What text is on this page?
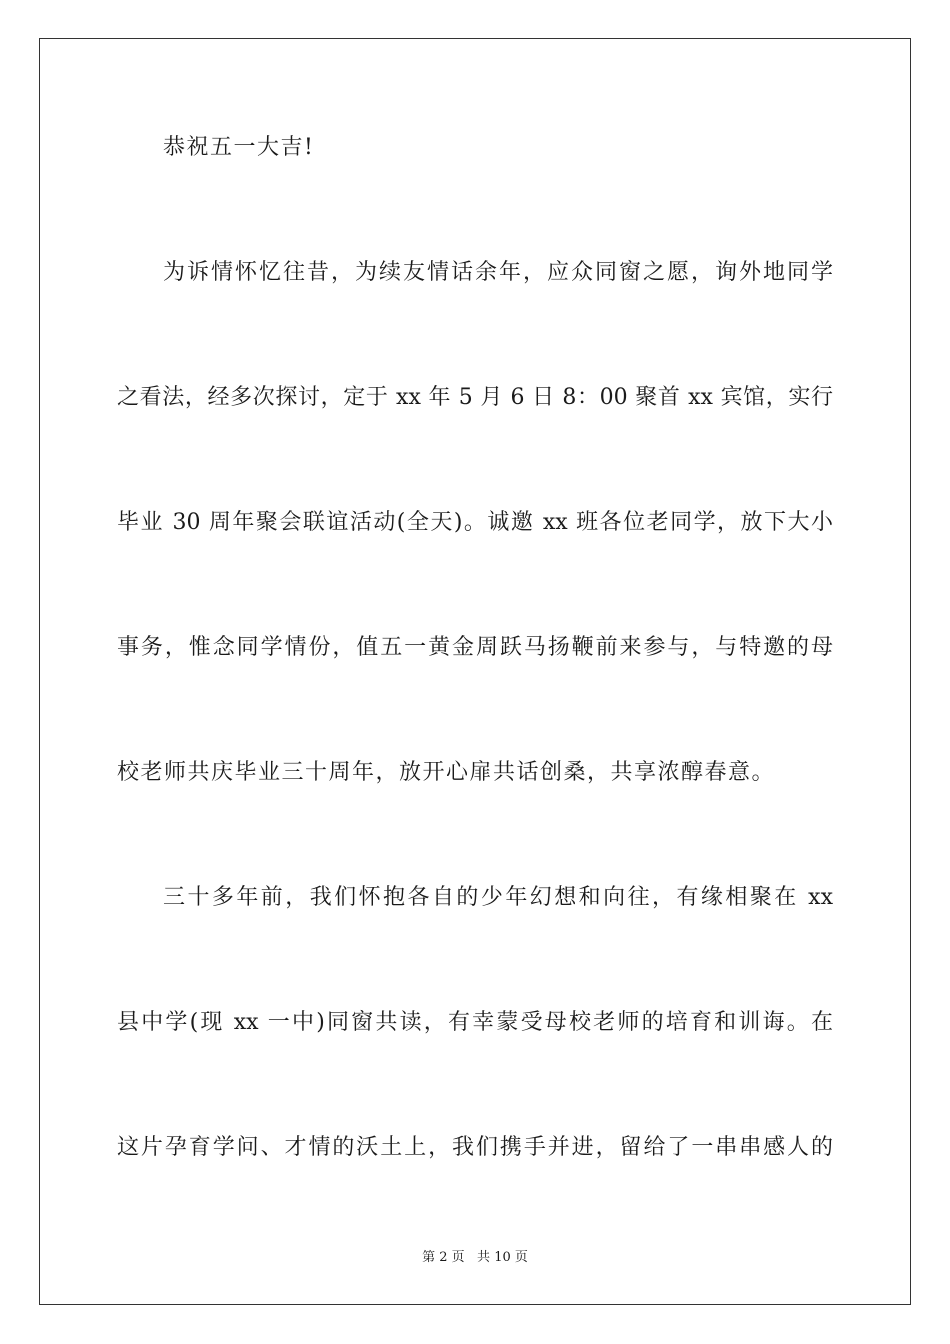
恭祝五一大吉!
为诉情怀忆往昔，为续友情话余年，应众同窗之愿，询外地同学
之看法，经多次探讨，定于 xx 年 5 月 6 日 8：00 聚首 xx 宾馆，实行
毕业 30 周年聚会联谊活动(全天)。诚邀 xx 班各位老同学，放下大小
事务，惟念同学情份，值五一黄金周跃马扬鞭前来参与，与特邀的母
校老师共庆毕业三十周年，放开心扉共话创桑，共享浓醇春意。
三十多年前，我们怀抱各自的少年幻想和向往，有缘相聚在 xx
县中学(现 xx 一中)同窗共读，有幸蒙受母校老师的培育和训诲。在
这片孕育学问、才情的沃土上，我们携手并进，留给了一串串感人的
第 2 页   共 10 页
